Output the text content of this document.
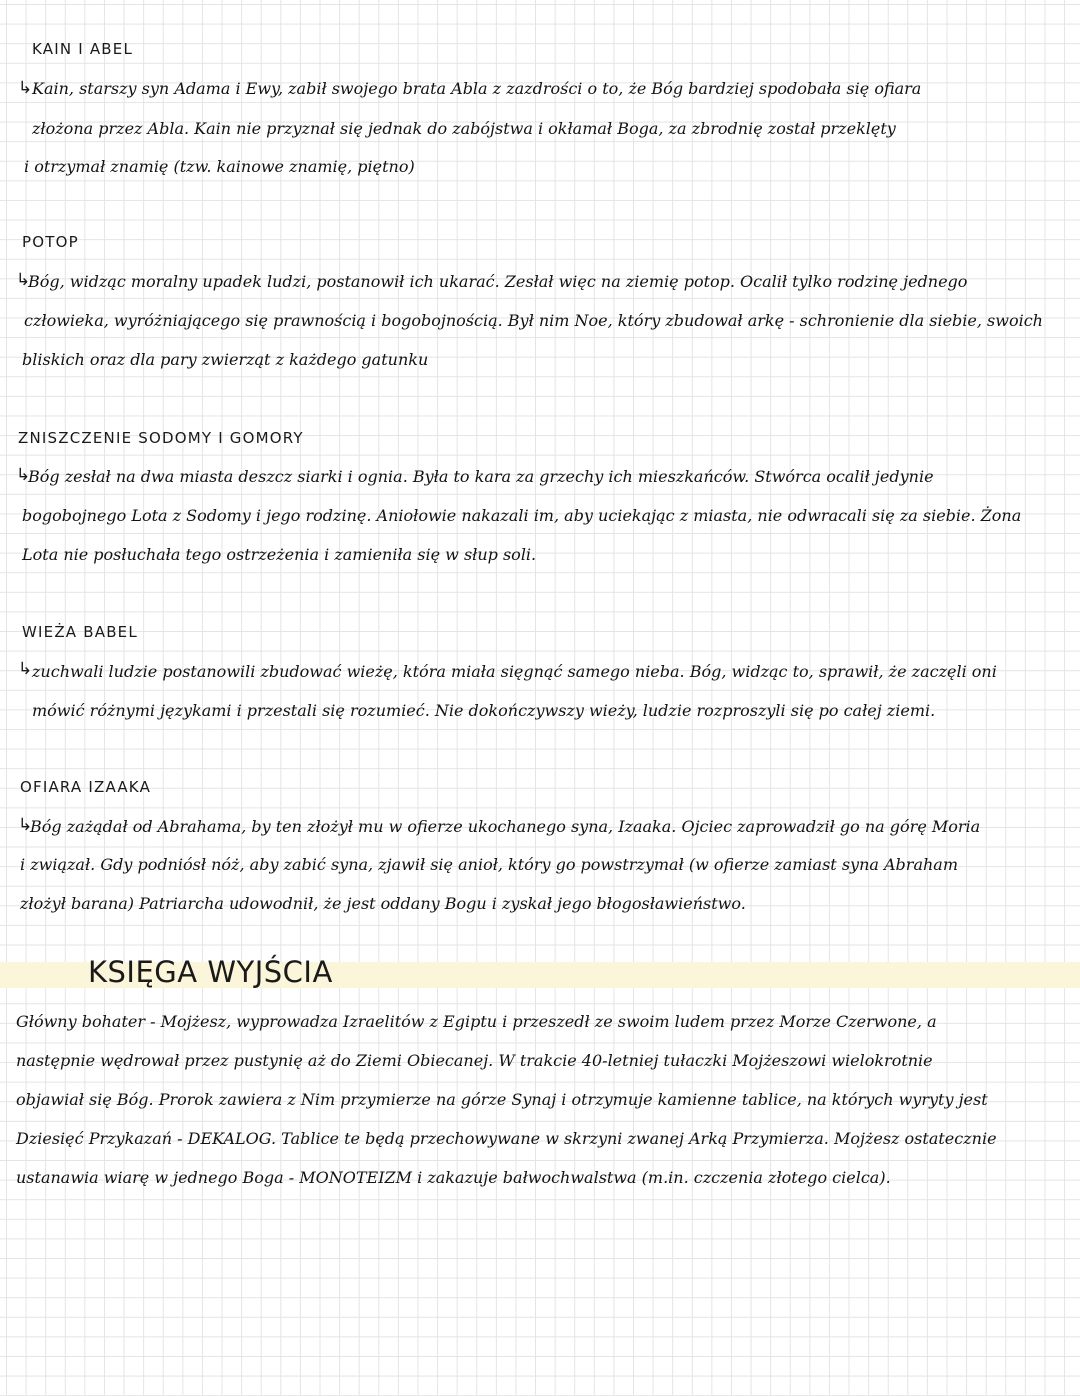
KAIN I ABEL
↳ Kain, starszy syn Adama i Ewy, zabił swojego brata Abla z zazdrości o to, że Bóg bardziej spodobała się ofiara
złożona przez Abla. Kain nie przyznał się jednak do zabójstwa i okłamał Boga, za zbrodnię został przeklęty
i otrzymał znamię (tzw. kainowe znamię, piętno)
POTOP
↳
Bóg, widząc moralny upadek ludzi, postanowił ich ukarać. Zesłał więc na ziemię potop. Ocalił tylko rodzinę jednego
człowieka, wyróżniającego się prawnością i bogobojnością. Był nim Noe, który zbudował arkę - schronienie dla siebie, swoich
bliskich oraz dla pary zwierząt z każdego gatunku
ZNISZCZENIE SODOMY I GOMORY
↳
Bóg zesłał na dwa miasta deszcz siarki i ognia. Była to kara za grzechy ich mieszkańców. Stwórca ocalił jedynie
bogobojnego Lota z Sodomy i jego rodzinę. Aniołowie nakazali im, aby uciekając z miasta, nie odwracali się za siebie. Żona
Lota nie posłuchała tego ostrzeżenia i zamieniła się w słup soli.
WIEŻA BABEL
↳ zuchwali ludzie postanowili zbudować wieżę, która miała sięgnąć samego nieba. Bóg, widząc to, sprawił, że zaczęli oni
mówić różnymi językami i przestali się rozumieć. Nie dokończywszy wieży, ludzie rozproszyli się po całej ziemi.
OFIARA IZAAKA
↳
Bóg zażądał od Abrahama, by ten złożył mu w ofierze ukochanego syna, Izaaka. Ojciec zaprowadził go na górę Moria
i związał. Gdy podniósł nóż, aby zabić syna, zjawił się anioł, który go powstrzymał (w ofierze zamiast syna Abraham
złożył barana) Patriarcha udowodnił, że jest oddany Bogu i zyskał jego błogosławieństwo.
KSIĘGA WYJŚCIA
Główny bohater - Mojżesz, wyprowadza Izraelitów z Egiptu i przeszedł ze swoim ludem przez Morze Czerwone, a
następnie wędrował przez pustynię aż do Ziemi Obiecanej. W trakcie 40-letniej tułaczki Mojżeszowi wielokrotnie
objawiał się Bóg. Prorok zawiera z Nim przymierze na górze Synaj i otrzymuje kamienne tablice, na których wyryty jest
Dziesięć Przykazań - DEKALOG. Tablice te będą przechowywane w skrzyni zwanej Arką Przymierza. Mojżesz ostatecznie
ustanawia wiarę w jednego Boga - MONOTEIZM i zakazuje bałwochwalstwa (m.in. czczenia złotego cielca).
